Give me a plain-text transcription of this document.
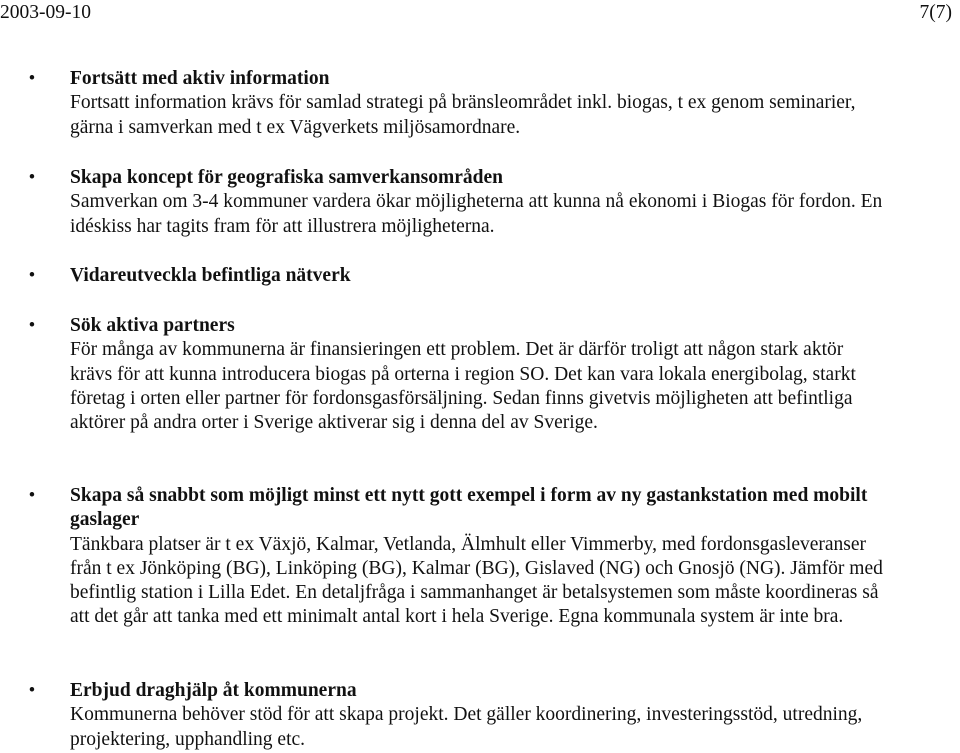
2003-09-10	7(7)
• Fortsätt med aktiv information
Fortsatt information krävs för samlad strategi på bränsleområdet inkl. biogas, t ex genom seminarier, gärna i samverkan med t ex Vägverkets miljösamordnare.
• Skapa koncept för geografiska samverkansområden
Samverkan om 3-4 kommuner vardera ökar möjligheterna att kunna nå ekonomi i Biogas för fordon. En idéskiss har tagits fram för att illustrera möjligheterna.
• Vidareutveckla befintliga nätverk
• Sök aktiva partners
För många av kommunerna är finansieringen ett problem. Det är därför troligt att någon stark aktör krävs för att kunna introducera biogas på orterna i region SO. Det kan vara lokala energibolag, starkt företag i orten eller partner för fordonsgasförsäljning. Sedan finns givetvis möjligheten att befintliga aktörer på andra orter i Sverige aktiverar sig i denna del av Sverige.
• Skapa så snabbt som möjligt minst ett nytt gott exempel i form av ny gastankstation med mobilt gaslager
Tänkbara platser är t ex Växjö, Kalmar, Vetlanda, Älmhult eller Vimmerby, med fordonsgasleveranser från t ex Jönköping (BG), Linköping (BG), Kalmar (BG), Gislaved (NG) och Gnosjö (NG). Jämför med befintlig station i Lilla Edet. En detaljfråga i sammanhanget är betalsystemen som måste koordineras så att det går att tanka med ett minimalt antal kort i hela Sverige. Egna kommunala system är inte bra.
• Erbjud draghjälp åt kommunerna
Kommunerna behöver stöd för att skapa projekt. Det gäller koordinering, investeringsstöd, utredning, projektering, upphandling etc.
